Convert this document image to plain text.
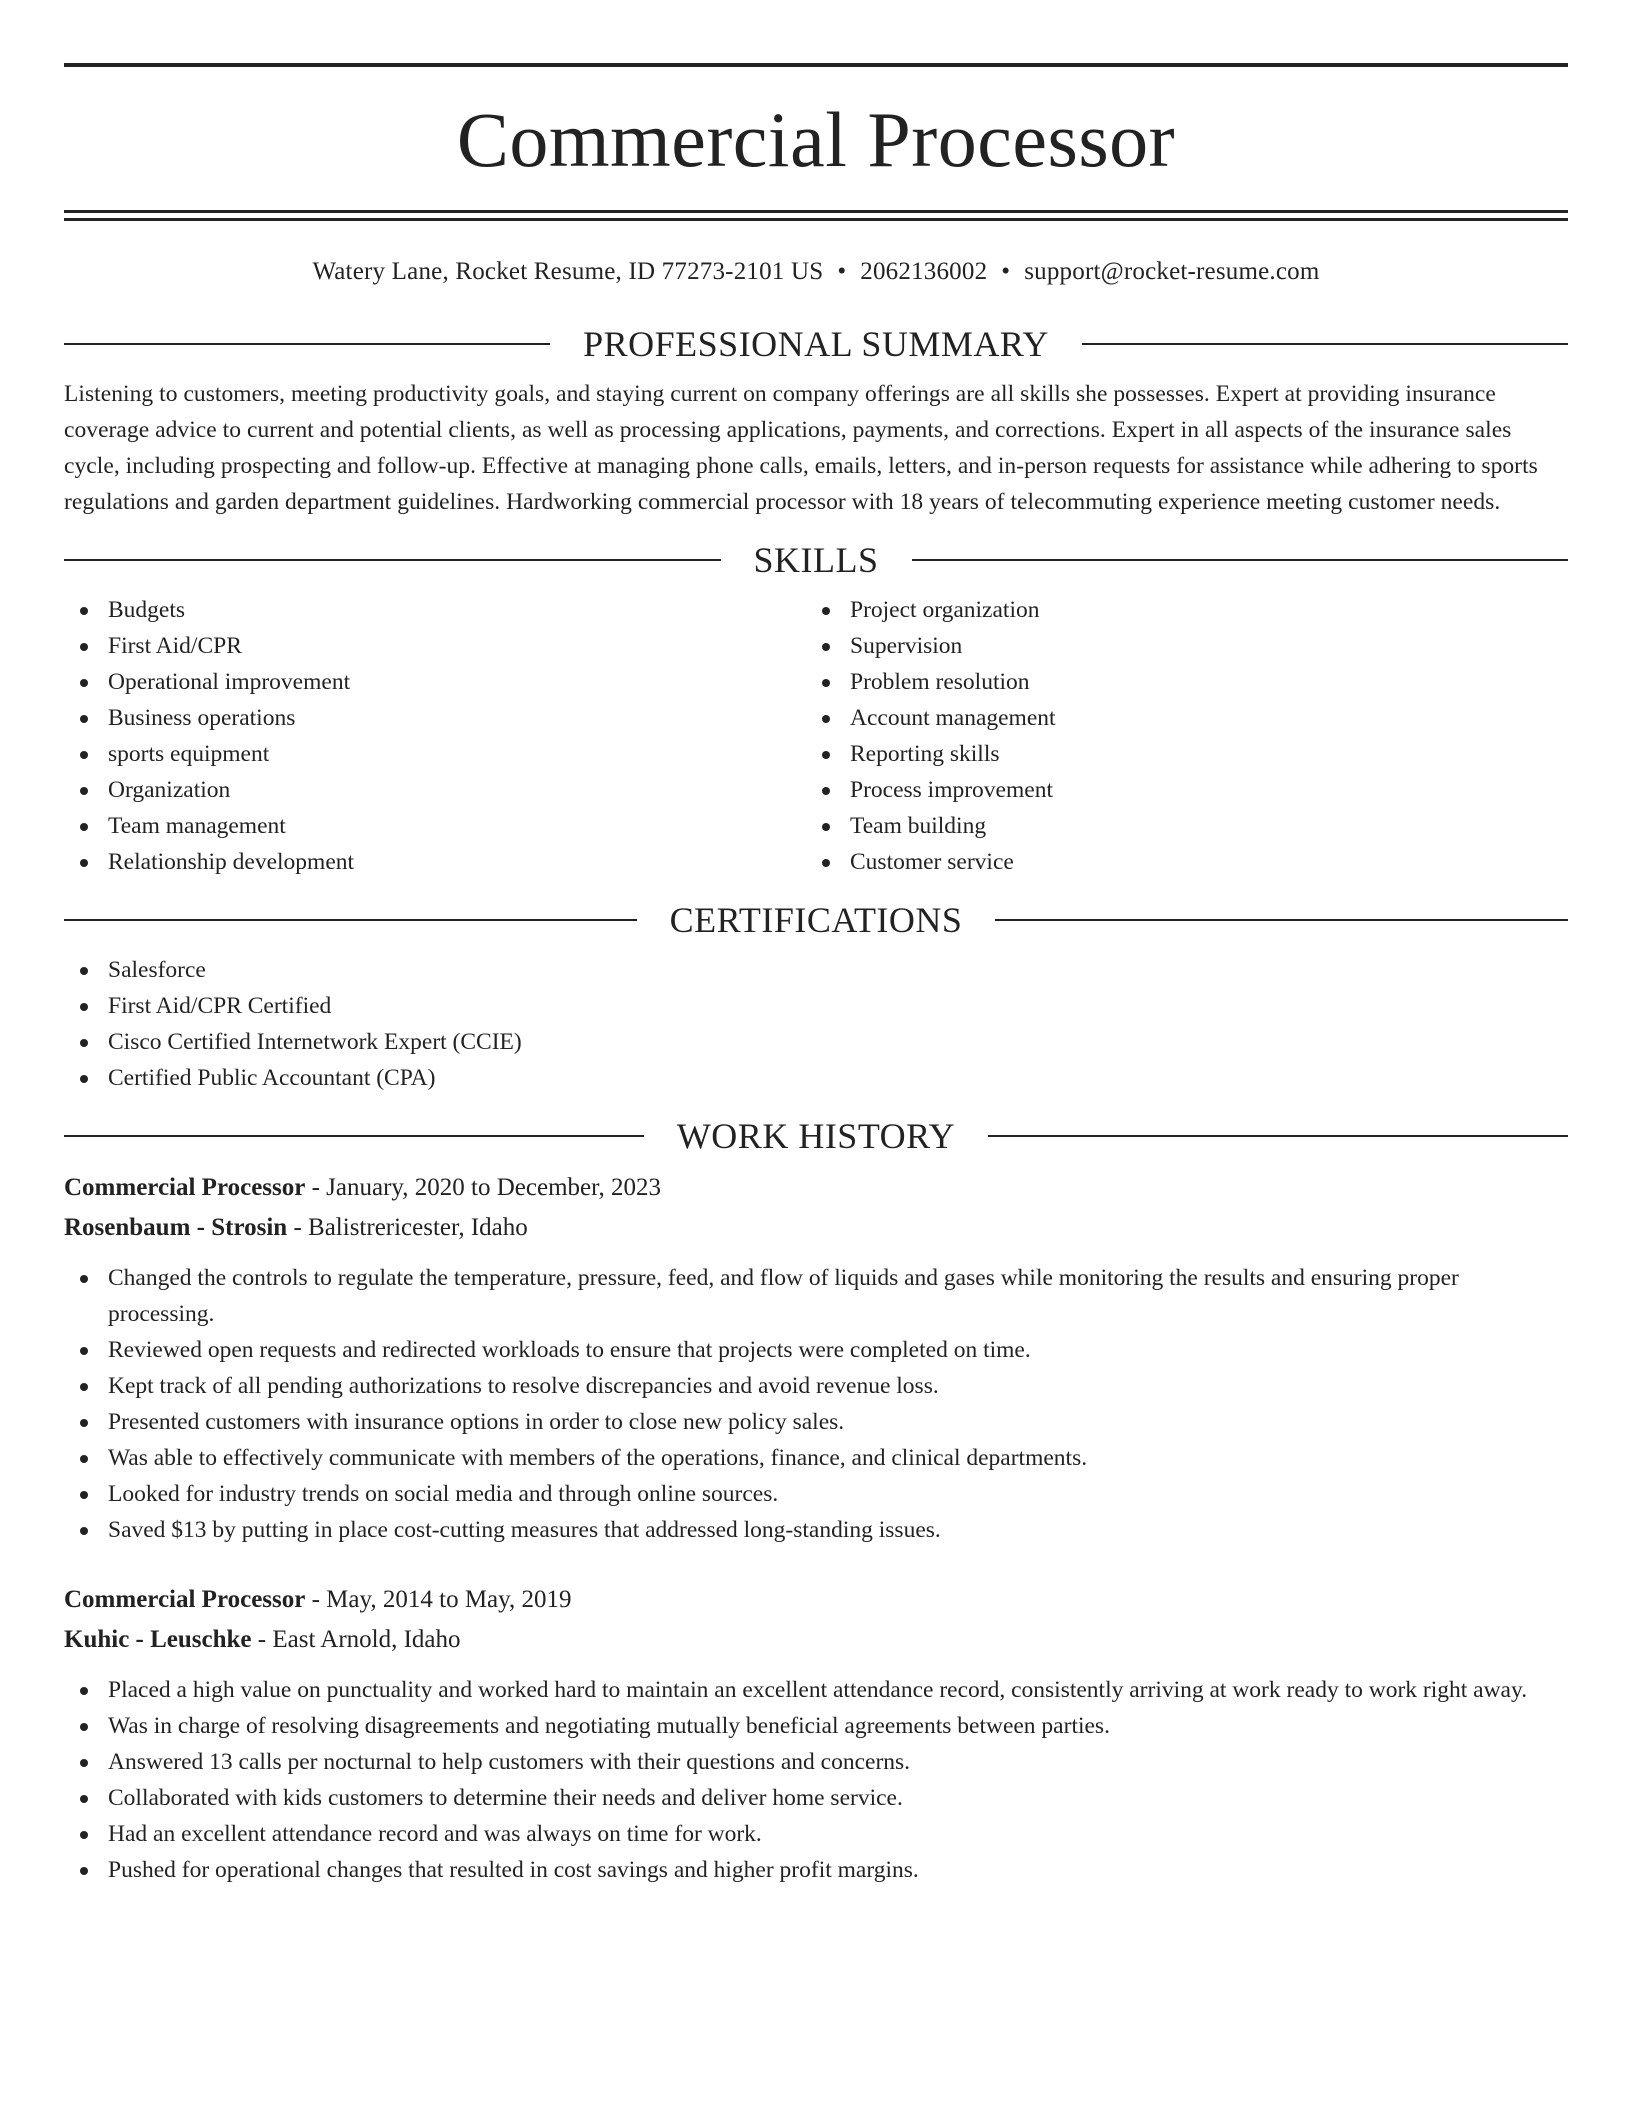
Commercial Processor
Watery Lane, Rocket Resume, ID 77273-2101 US • 2062136002 • support@rocket-resume.com
PROFESSIONAL SUMMARY

Listening to customers, meeting productivity goals, and staying current on company offerings are all skills she possesses. Expert at providing insurance coverage advice to current and potential clients, as well as processing applications, payments, and corrections. Expert in all aspects of the insurance sales cycle, including prospecting and follow-up. Effective at managing phone calls, emails, letters, and in-person requests for assistance while adhering to sports regulations and garden department guidelines. Hardworking commercial processor with 18 years of telecommuting experience meeting customer needs.

SKILLS
Budgets
First Aid/CPR
Operational improvement
Business operations
sports equipment
Organization
Team management
Relationship development
Project organization
Supervision
Problem resolution
Account management
Reporting skills
Process improvement
Team building
Customer service
CERTIFICATIONS
Salesforce
First Aid/CPR Certified
Cisco Certified Internetwork Expert (CCIE)
Certified Public Accountant (CPA)
WORK HISTORY
Commercial Processor - January, 2020 to December, 2023
Rosenbaum - Strosin - Balistrericester, Idaho
Changed the controls to regulate the temperature, pressure, feed, and flow of liquids and gases while monitoring the results and ensuring proper processing.
Reviewed open requests and redirected workloads to ensure that projects were completed on time.
Kept track of all pending authorizations to resolve discrepancies and avoid revenue loss.
Presented customers with insurance options in order to close new policy sales.
Was able to effectively communicate with members of the operations, finance, and clinical departments.
Looked for industry trends on social media and through online sources.
Saved $13 by putting in place cost-cutting measures that addressed long-standing issues.
Commercial Processor - May, 2014 to May, 2019
Kuhic - Leuschke - East Arnold, Idaho
Placed a high value on punctuality and worked hard to maintain an excellent attendance record, consistently arriving at work ready to work right away.
Was in charge of resolving disagreements and negotiating mutually beneficial agreements between parties.
Answered 13 calls per nocturnal to help customers with their questions and concerns.
Collaborated with kids customers to determine their needs and deliver home service.
Had an excellent attendance record and was always on time for work.
Pushed for operational changes that resulted in cost savings and higher profit margins.
